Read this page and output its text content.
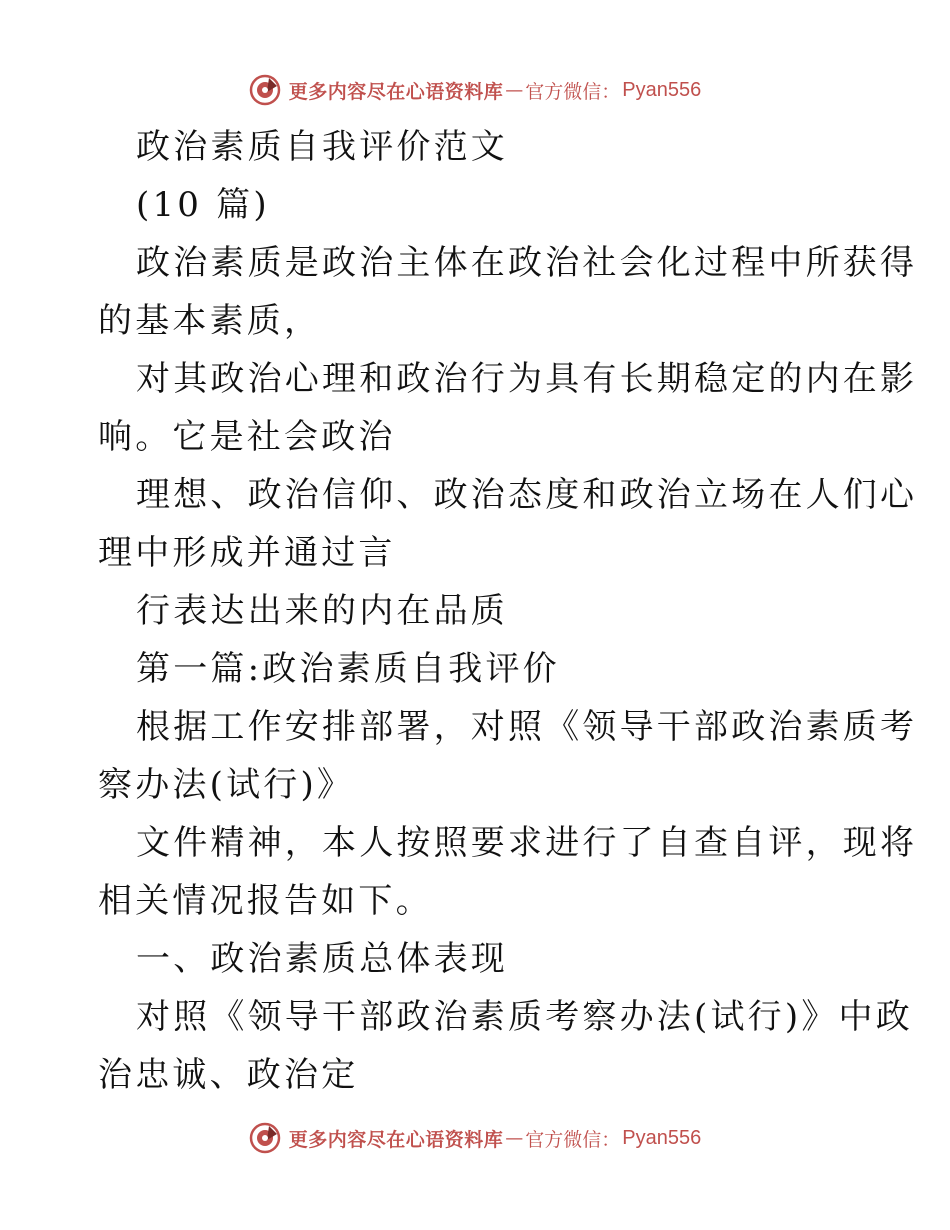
更多内容尽在心语资料库 — 官方微信： Pyan556
政治素质自我评价范文
(10 篇)
政治素质是政治主体在政治社会化过程中所获得
的基本素质，
对其政治心理和政治行为具有长期稳定的内在影
响。它是社会政治
理想、政治信仰、政治态度和政治立场在人们心
理中形成并通过言
行表达出来的内在品质
第一篇:政治素质自我评价
根据工作安排部署，对照《领导干部政治素质考
察办法(试行)》
文件精神，本人按照要求进行了自查自评，现将
相关情况报告如下。
一、政治素质总体表现
对照《领导干部政治素质考察办法(试行)》中政
治忠诚、政治定
更多内容尽在心语资料库 — 官方微信： Pyan556
